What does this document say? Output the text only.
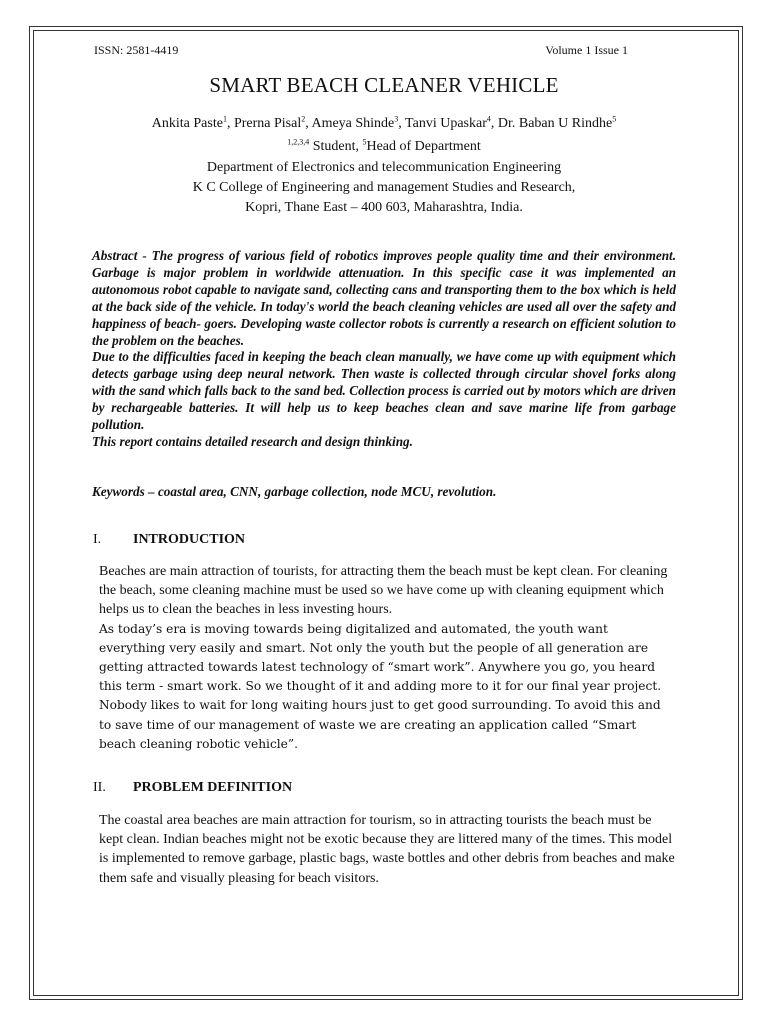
ISSN: 2581-4419	Volume 1 Issue 1
SMART BEACH CLEANER VEHICLE
Ankita Paste$^1$, Prerna Pisal$^2$, Ameya Shinde$^3$, Tanvi Upaskar$^4$, Dr. Baban U Rindhe$^5$
$^{1,2,3,4}$ Student, $^5$Head of Department
Department of Electronics and telecommunication Engineering
K C College of Engineering and management Studies and Research,
Kopri, Thane East – 400 603, Maharashtra, India.

Abstract - The progress of various field of robotics improves people quality time and their environment. Garbage is major problem in worldwide attenuation. In this specific case it was implemented an autonomous robot capable to navigate sand, collecting cans and transporting them to the box which is held at the back side of the vehicle. In today's world the beach cleaning vehicles are used all over the safety and happiness of beach- goers. Developing waste collector robots is currently a research on efficient solution to the problem on the beaches.

Due to the difficulties faced in keeping the beach clean manually, we have come up with equipment which detects garbage using deep neural network. Then waste is collected through circular shovel forks along with the sand which falls back to the sand bed. Collection process is carried out by motors which are driven by rechargeable batteries. It will help us to keep beaches clean and save marine life from garbage pollution.

This report contains detailed research and design thinking.

Keywords – coastal area, CNN, garbage collection, node MCU, revolution.
I. INTRODUCTION

Beaches are main attraction of tourists, for attracting them the beach must be kept clean. For cleaning the beach, some cleaning machine must be used so we have come up with cleaning equipment which helps us to clean the beaches in less investing hours.

As today’s era is moving towards being digitalized and automated, the youth want everything very easily and smart. Not only the youth but the people of all generation are getting attracted towards latest technology of “smart work”. Anywhere you go, you heard this term - smart work. So we thought of it and adding more to it for our final year project. Nobody likes to wait for long waiting hours just to get good surrounding. To avoid this and to save time of our management of waste we are creating an application called “Smart beach cleaning robotic vehicle”.

II. PROBLEM DEFINITION

The coastal area beaches are main attraction for tourism, so in attracting tourists the beach must be kept clean. Indian beaches might not be exotic because they are littered many of the times. This model is implemented to remove garbage, plastic bags, waste bottles and other debris from beaches and make them safe and visually pleasing for beach visitors.
